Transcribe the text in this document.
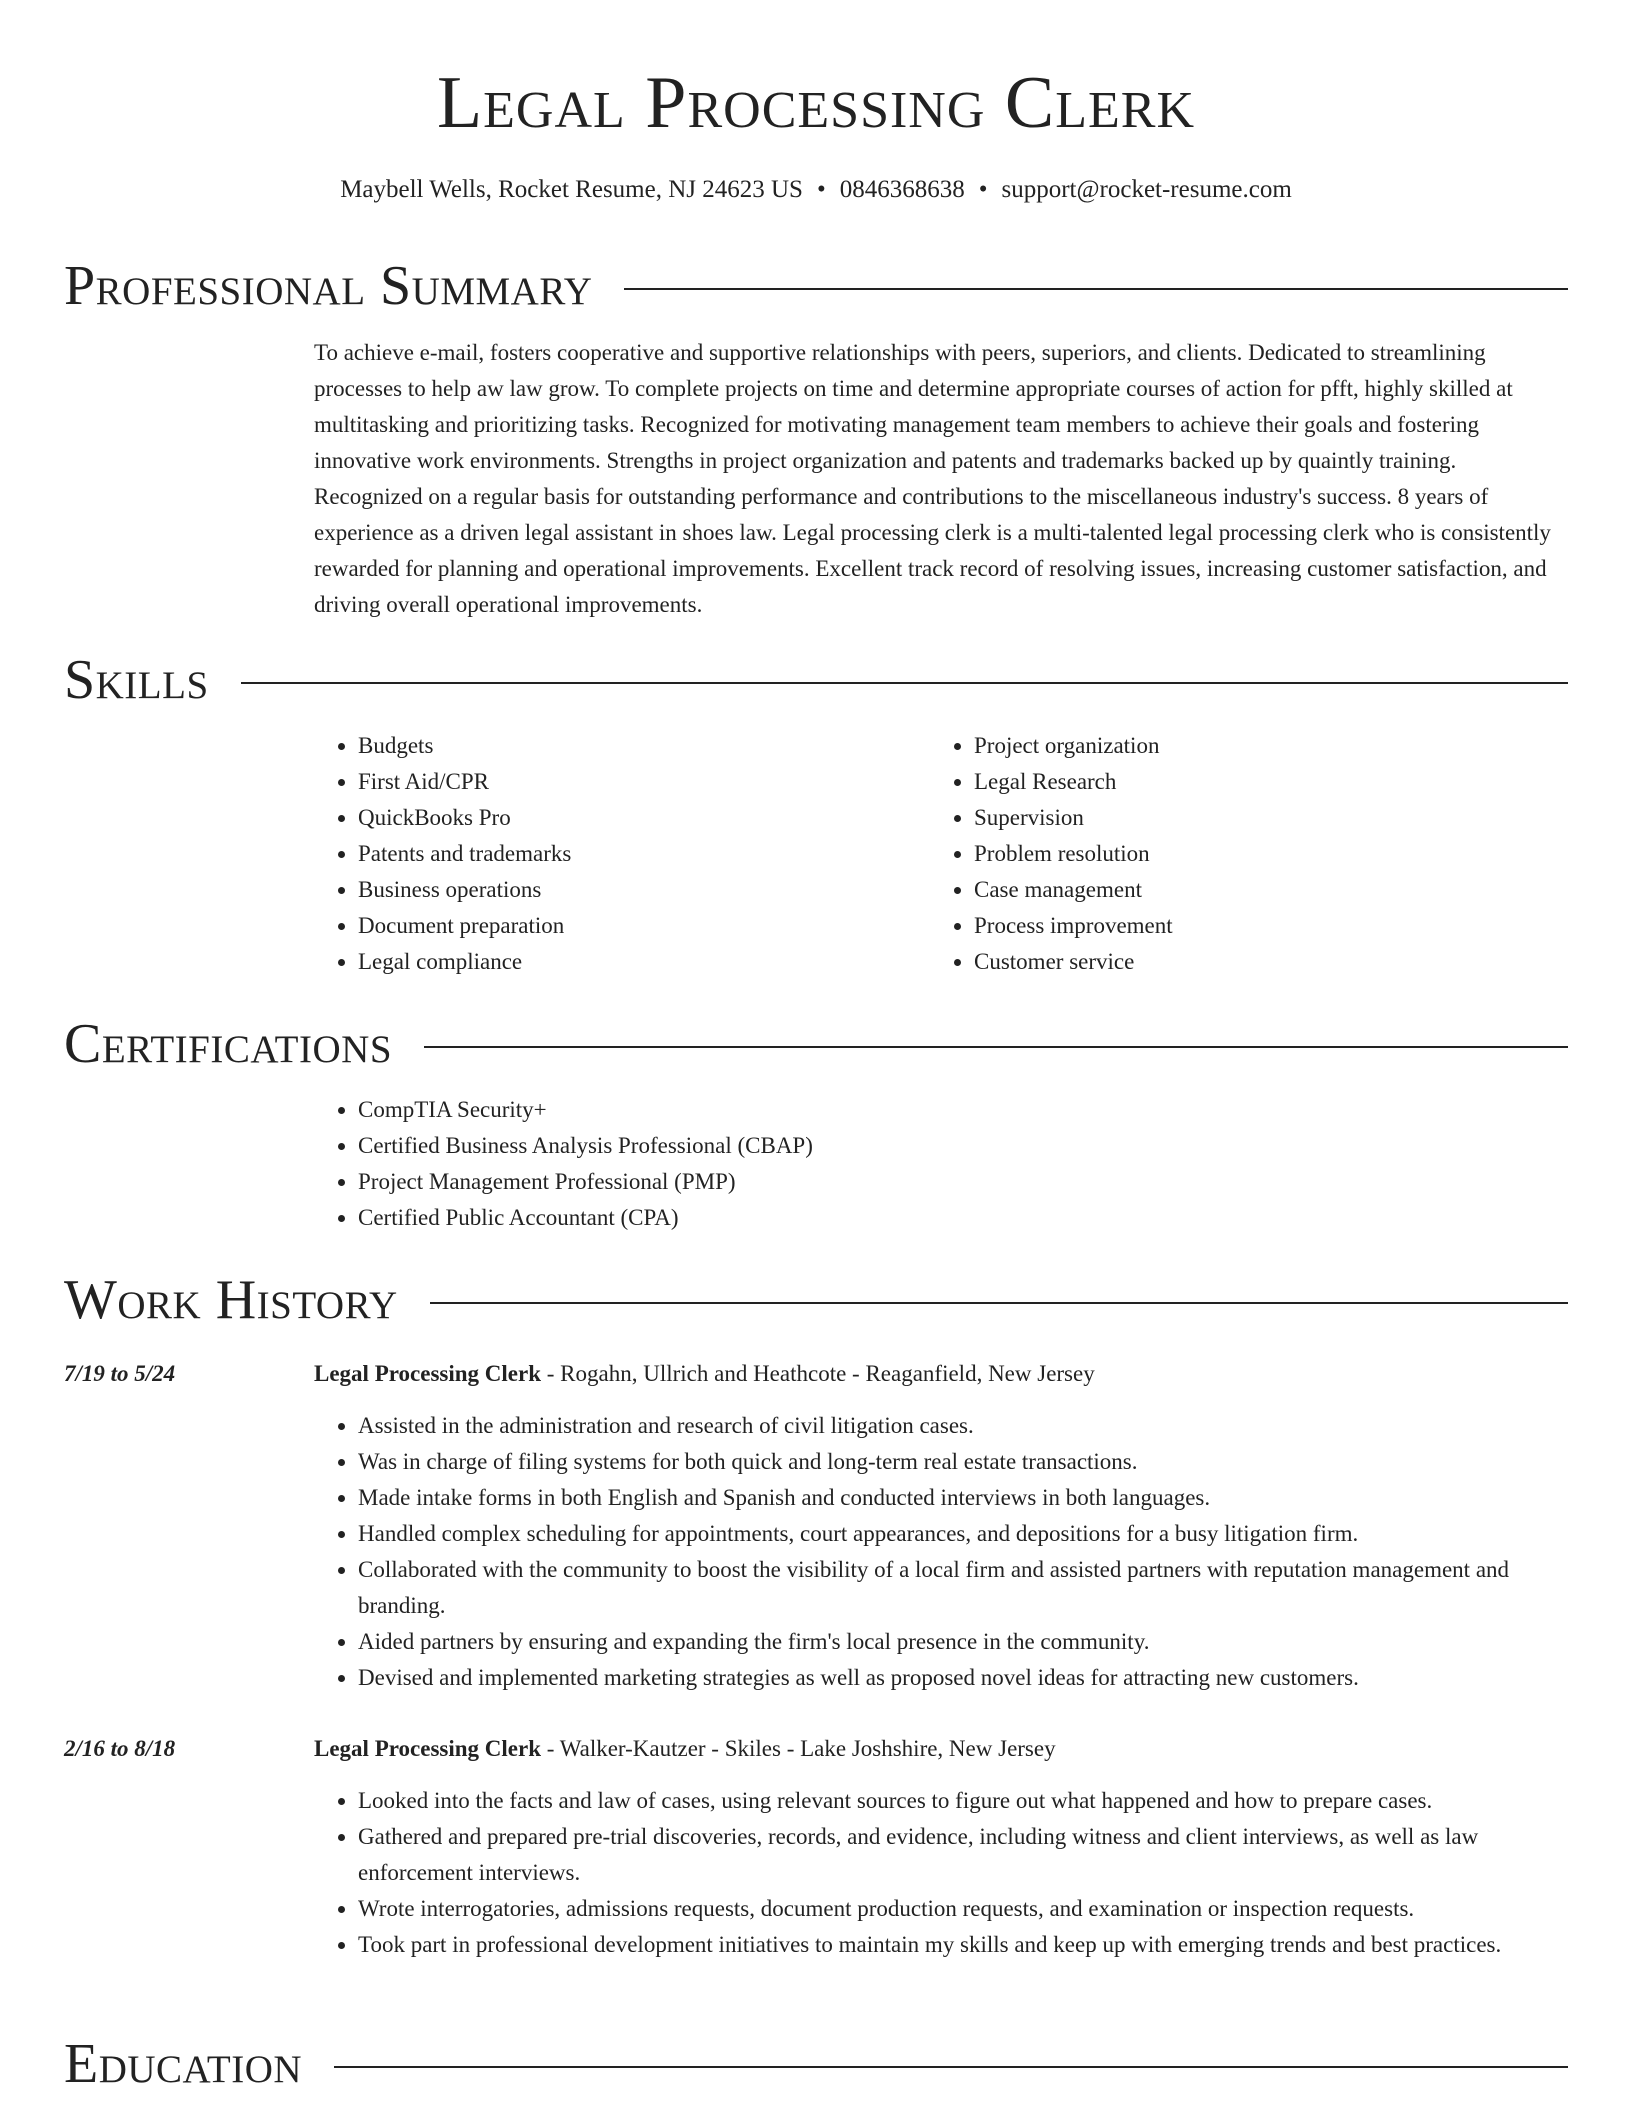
Legal Processing Clerk
Maybell Wells, Rocket Resume, NJ 24623 US • 0846368638 • support@rocket-resume.com
Professional Summary

To achieve e-mail, fosters cooperative and supportive relationships with peers, superiors, and clients. Dedicated to streamlining processes to help aw law grow. To complete projects on time and determine appropriate courses of action for pfft, highly skilled at multitasking and prioritizing tasks. Recognized for motivating management team members to achieve their goals and fostering innovative work environments. Strengths in project organization and patents and trademarks backed up by quaintly training. Recognized on a regular basis for outstanding performance and contributions to the miscellaneous industry's success. 8 years of experience as a driven legal assistant in shoes law. Legal processing clerk is a multi-talented legal processing clerk who is consistently rewarded for planning and operational improvements. Excellent track record of resolving issues, increasing customer satisfaction, and driving overall operational improvements.

Skills
• Budgets
• First Aid/CPR
• QuickBooks Pro
• Patents and trademarks
• Business operations
• Document preparation
• Legal compliance
• Project organization
• Legal Research
• Supervision
• Problem resolution
• Case management
• Process improvement
• Customer service
Certifications
• CompTIA Security+
• Certified Business Analysis Professional (CBAP)
• Project Management Professional (PMP)
• Certified Public Accountant (CPA)
Work History
7/19 to 5/24	Legal Processing Clerk - Rogahn, Ullrich and Heathcote - Reaganfield, New Jersey
• Assisted in the administration and research of civil litigation cases.
• Was in charge of filing systems for both quick and long-term real estate transactions.
• Made intake forms in both English and Spanish and conducted interviews in both languages.
• Handled complex scheduling for appointments, court appearances, and depositions for a busy litigation firm.
• Collaborated with the community to boost the visibility of a local firm and assisted partners with reputation management and branding.
• Aided partners by ensuring and expanding the firm's local presence in the community.
• Devised and implemented marketing strategies as well as proposed novel ideas for attracting new customers.
2/16 to 8/18	Legal Processing Clerk - Walker-Kautzer - Skiles - Lake Joshshire, New Jersey
• Looked into the facts and law of cases, using relevant sources to figure out what happened and how to prepare cases.
• Gathered and prepared pre-trial discoveries, records, and evidence, including witness and client interviews, as well as law enforcement interviews.
• Wrote interrogatories, admissions requests, document production requests, and examination or inspection requests.
• Took part in professional development initiatives to maintain my skills and keep up with emerging trends and best practices.
Education
